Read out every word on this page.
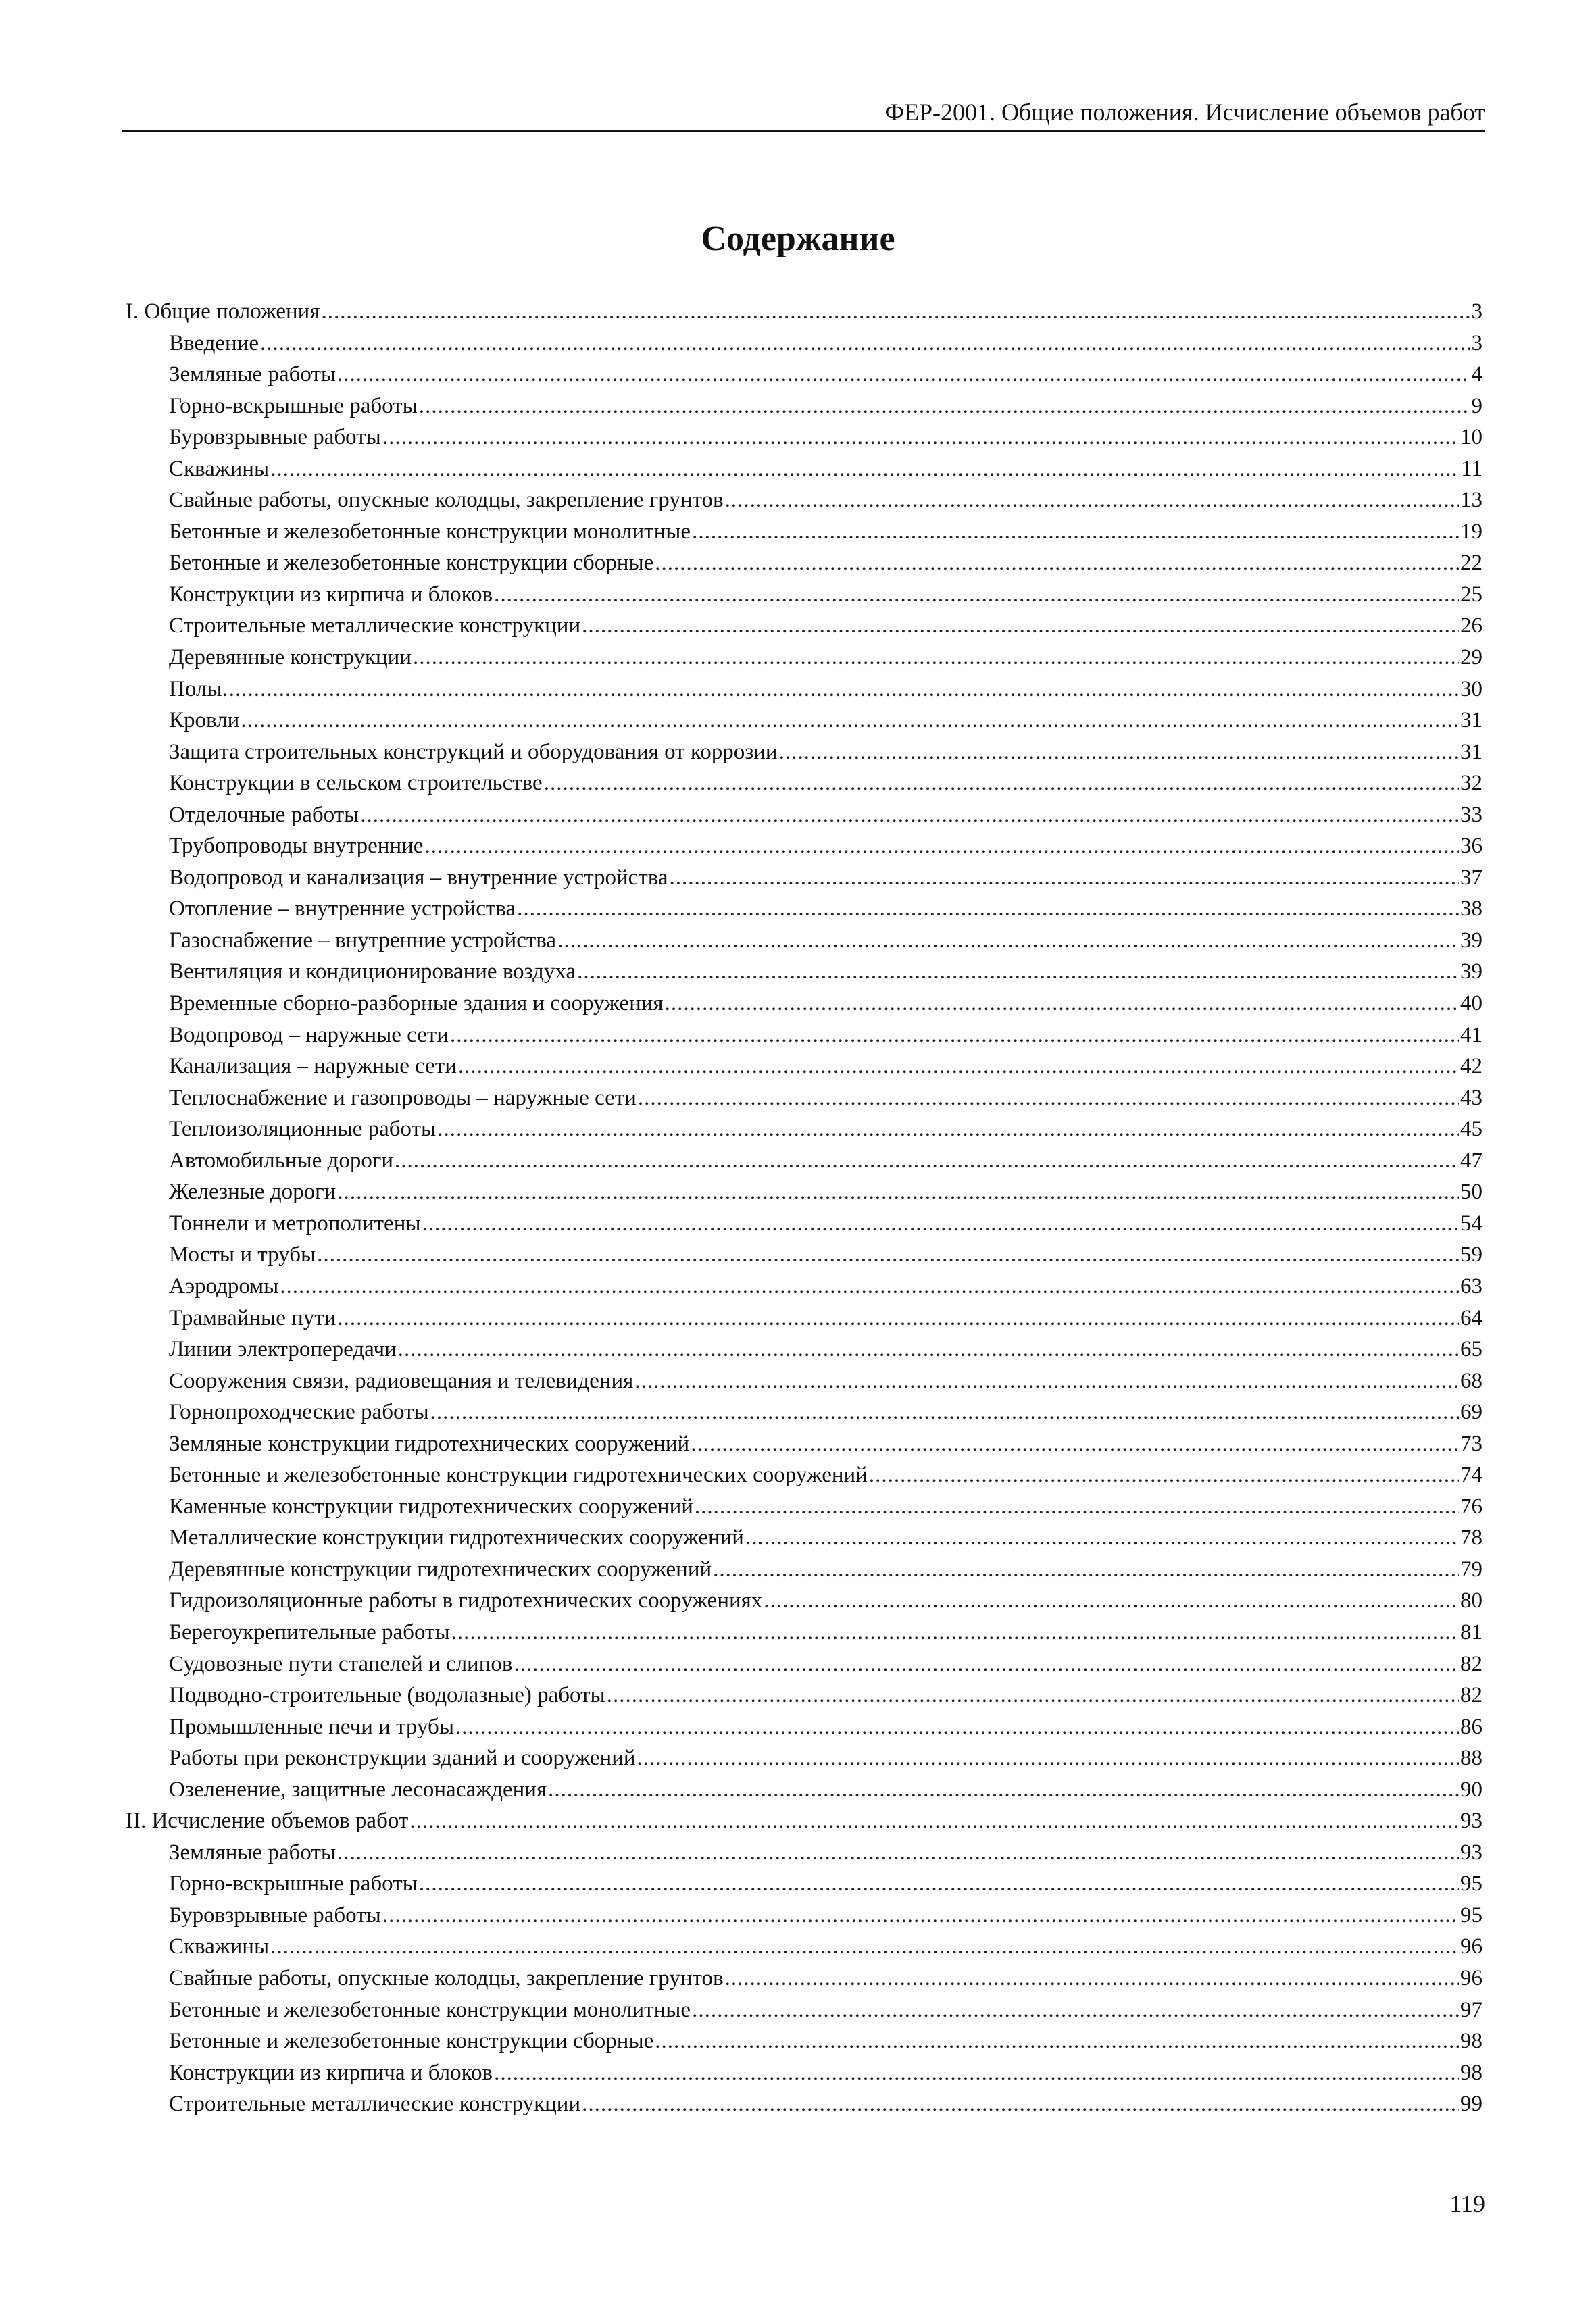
ФЕР-2001. Общие положения. Исчисление объемов работ
Содержание
I. Общие положения .....	3
Введение .....	3
Земляные работы .....	4
Горно-вскрышные работы .....	9
Буровзрывные работы .....	10
Скважины .....	11
Свайные работы, опускные колодцы, закрепление грунтов .....	13
Бетонные и железобетонные конструкции монолитные .....	19
Бетонные и железобетонные конструкции сборные .....	22
Конструкции из кирпича и блоков .....	25
Строительные металлические конструкции .....	26
Деревянные конструкции .....	29
Полы. .....	30
Кровли .....	31
Защита строительных конструкций и оборудования от коррозии .....	31
Конструкции в сельском строительстве .....	32
Отделочные работы .....	33
Трубопроводы внутренние .....	36
Водопровод и канализация – внутренние устройства .....	37
Отопление – внутренние устройства .....	38
Газоснабжение – внутренние устройства .....	39
Вентиляция и кондиционирование воздуха .....	39
Временные сборно-разборные здания и сооружения .....	40
Водопровод – наружные сети .....	41
Канализация – наружные сети .....	42
Теплоснабжение и газопроводы – наружные сети .....	43
Теплоизоляционные работы .....	45
Автомобильные дороги .....	47
Железные дороги .....	50
Тоннели и метрополитены .....	54
Мосты и трубы .....	59
Аэродромы .....	63
Трамвайные пути .....	64
Линии электропередачи .....	65
Сооружения связи, радиовещания и телевидения .....	68
Горнопроходческие работы .....	69
Земляные конструкции гидротехнических сооружений .....	73
Бетонные и железобетонные конструкции гидротехнических сооружений .....	74
Каменные конструкции гидротехнических сооружений .....	76
Металлические конструкции гидротехнических сооружений .....	78
Деревянные конструкции гидротехнических сооружений .....	79
Гидроизоляционные работы в гидротехнических сооружениях .....	80
Берегоукрепительные работы .....	81
Судовозные пути стапелей и слипов .....	82
Подводно-строительные (водолазные) работы .....	82
Промышленные печи и трубы .....	86
Работы при реконструкции зданий и сооружений .....	88
Озеленение, защитные лесонасаждения .....	90
II. Исчисление объемов работ .....	93
Земляные работы .....	93
Горно-вскрышные работы .....	95
Буровзрывные работы .....	95
Скважины .....	96
Свайные работы, опускные колодцы, закрепление грунтов .....	96
Бетонные и железобетонные конструкции монолитные .....	97
Бетонные и железобетонные конструкции сборные .....	98
Конструкции из кирпича и блоков .....	98
Строительные металлические конструкции .....	99
119
